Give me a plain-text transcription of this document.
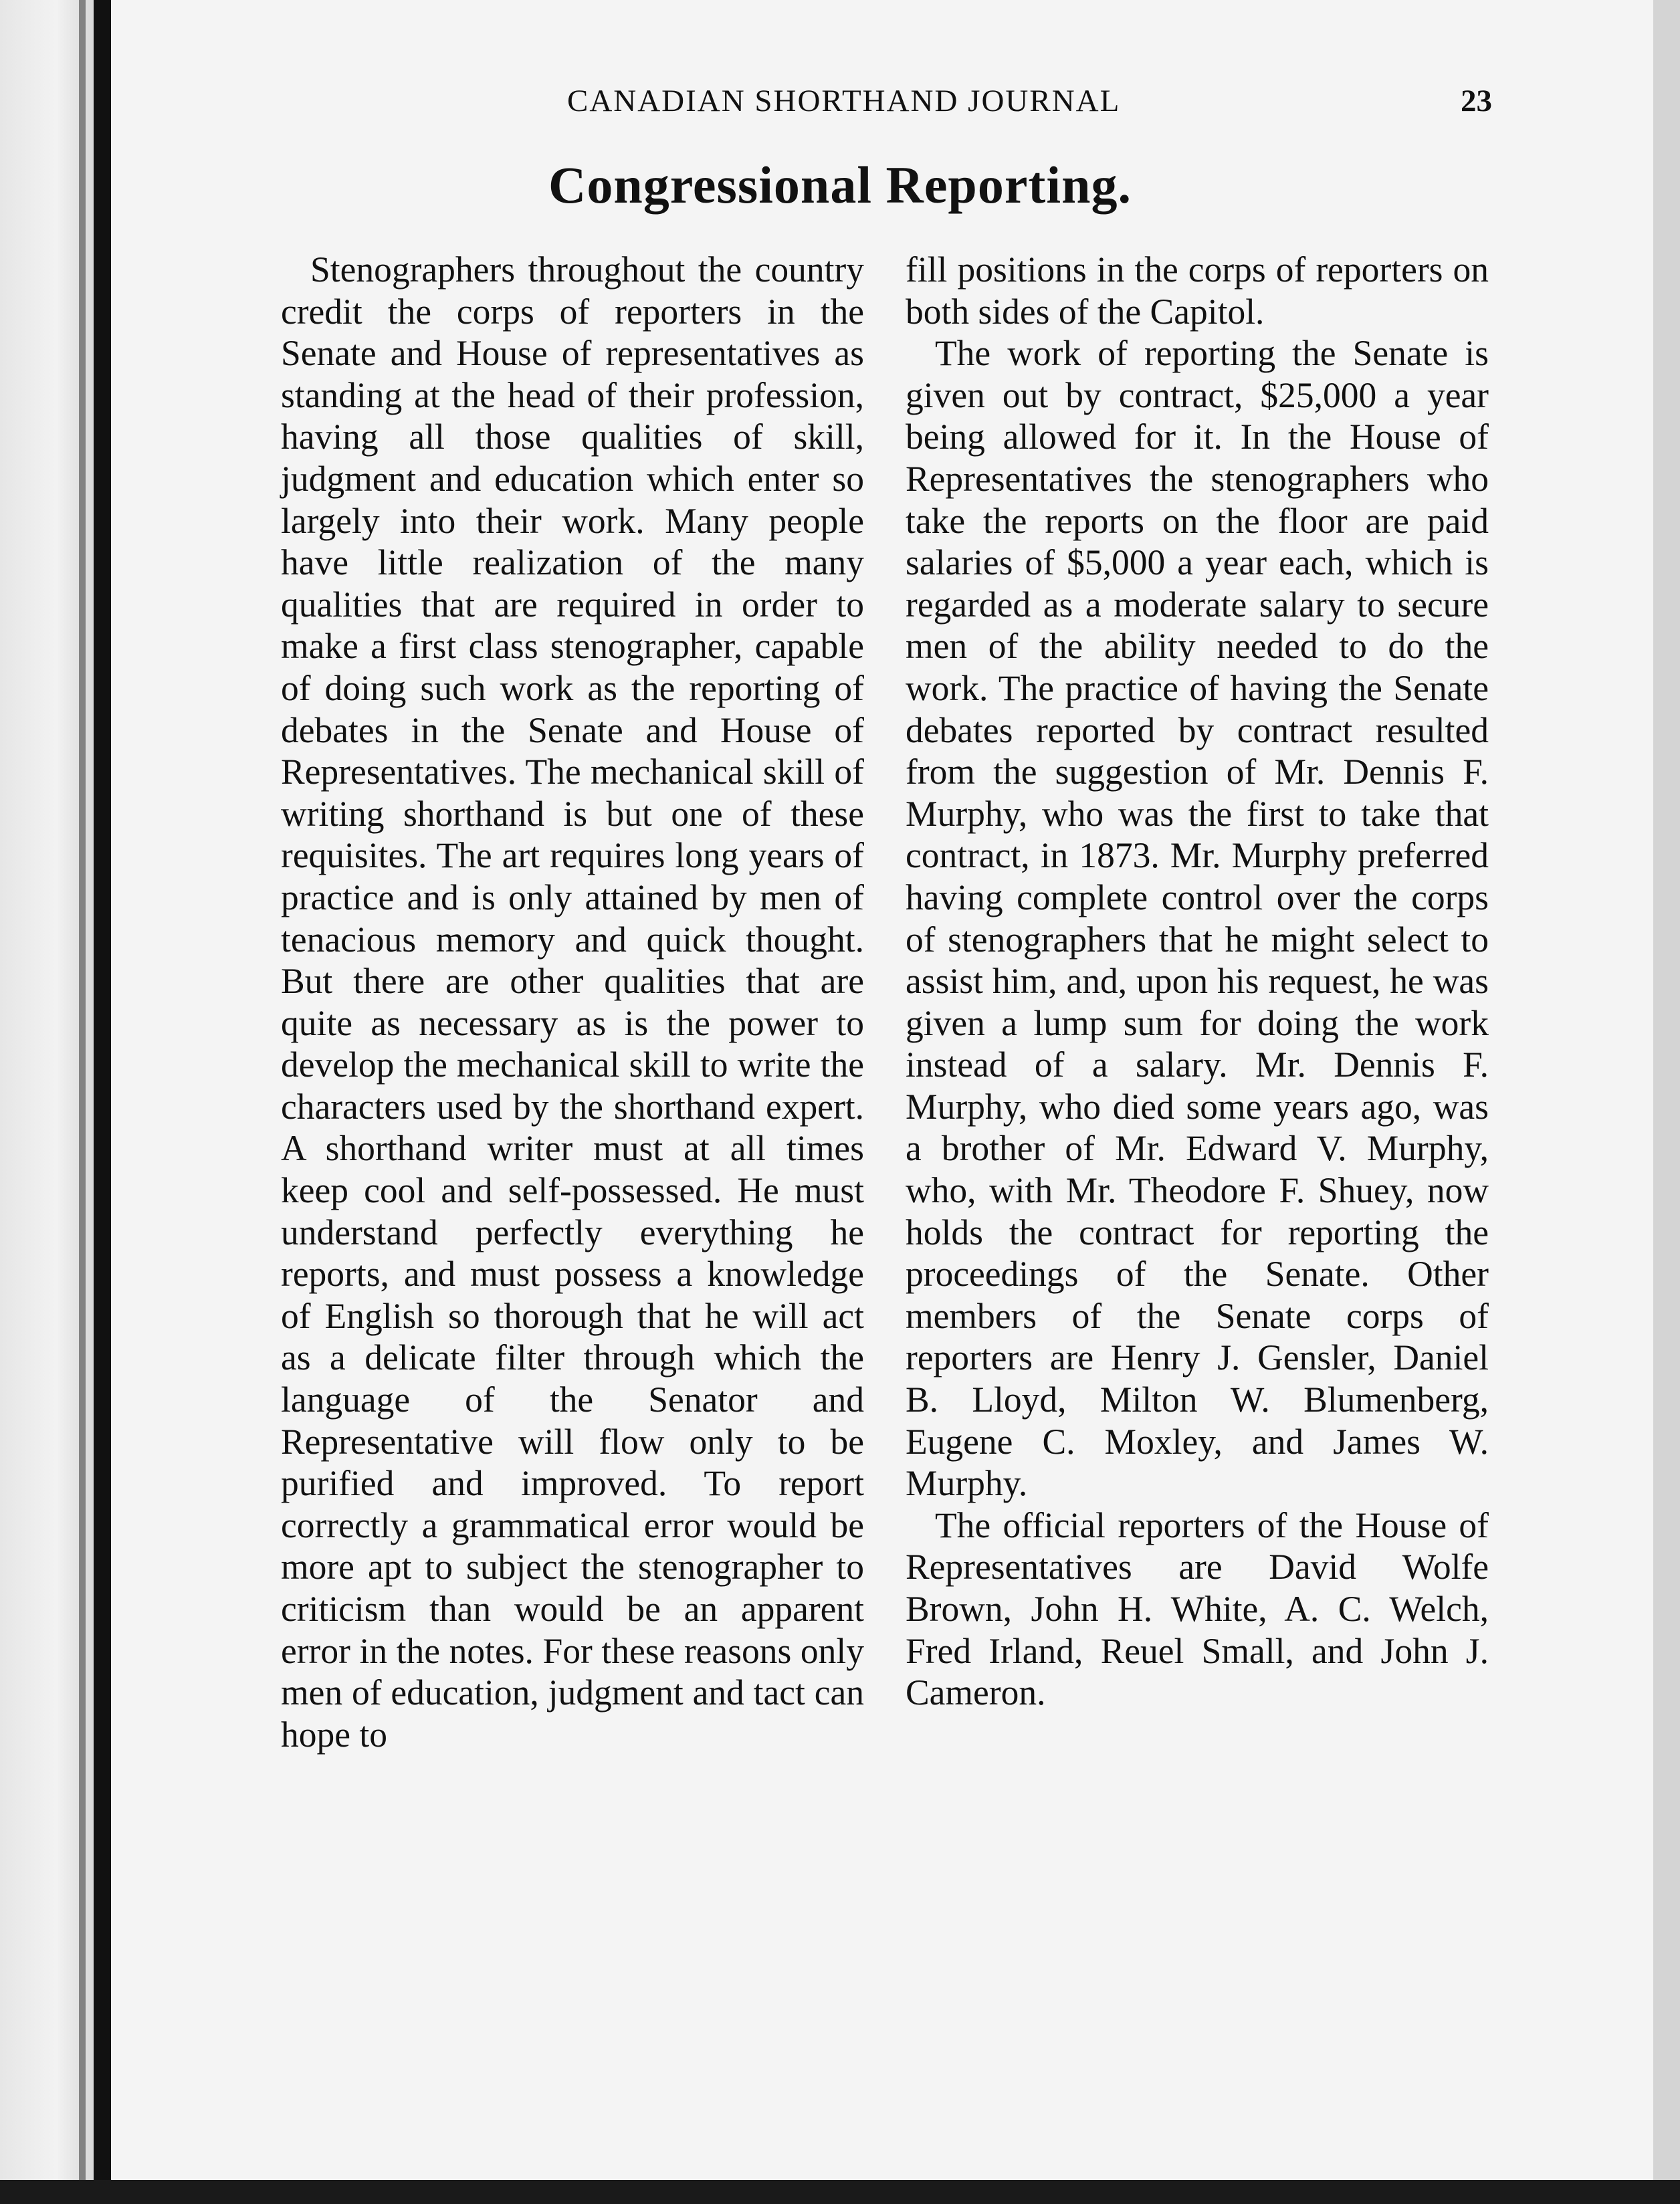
CANADIAN SHORTHAND JOURNAL	23
Congressional Reporting.

Stenographers throughout the country credit the corps of reporters in the Senate and House of representatives as standing at the head of their profession, having all those qualities of skill, judgment and education which enter so largely into their work. Many people have little realization of the many qualities that are required in order to make a first class stenographer, capable of doing such work as the reporting of debates in the Senate and House of Representatives. The mechanical skill of writing shorthand is but one of these requisites. The art requires long years of practice and is only attained by men of tenacious memory and quick thought. But there are other qualities that are quite as necessary as is the power to develop the mechanical skill to write the characters used by the shorthand expert. A shorthand writer must at all times keep cool and self-possessed. He must understand perfectly everything he reports, and must possess a knowledge of English so thorough that he will act as a delicate filter through which the language of the Senator and Representative will flow only to be purified and improved. To report correctly a grammatical error would be more apt to subject the stenographer to criticism than would be an apparent error in the notes. For these reasons only men of education, judgment and tact can hope to

fill positions in the corps of reporters on both sides of the Capitol.

The work of reporting the Senate is given out by contract, $25,000 a year being allowed for it. In the House of Representatives the stenographers who take the reports on the floor are paid salaries of $5,000 a year each, which is regarded as a moderate salary to secure men of the ability needed to do the work. The practice of having the Senate debates reported by contract resulted from the suggestion of Mr. Dennis F. Murphy, who was the first to take that contract, in 1873. Mr. Murphy preferred having complete control over the corps of stenographers that he might select to assist him, and, upon his request, he was given a lump sum for doing the work instead of a salary. Mr. Dennis F. Murphy, who died some years ago, was a brother of Mr. Edward V. Murphy, who, with Mr. Theodore F. Shuey, now holds the contract for reporting the proceedings of the Senate. Other members of the Senate corps of reporters are Henry J. Gensler, Daniel B. Lloyd, Milton W. Blumenberg, Eugene C. Moxley, and James W. Murphy.

The official reporters of the House of Representatives are David Wolfe Brown, John H. White, A. C. Welch, Fred Irland, Reuel Small, and John J. Cameron.
